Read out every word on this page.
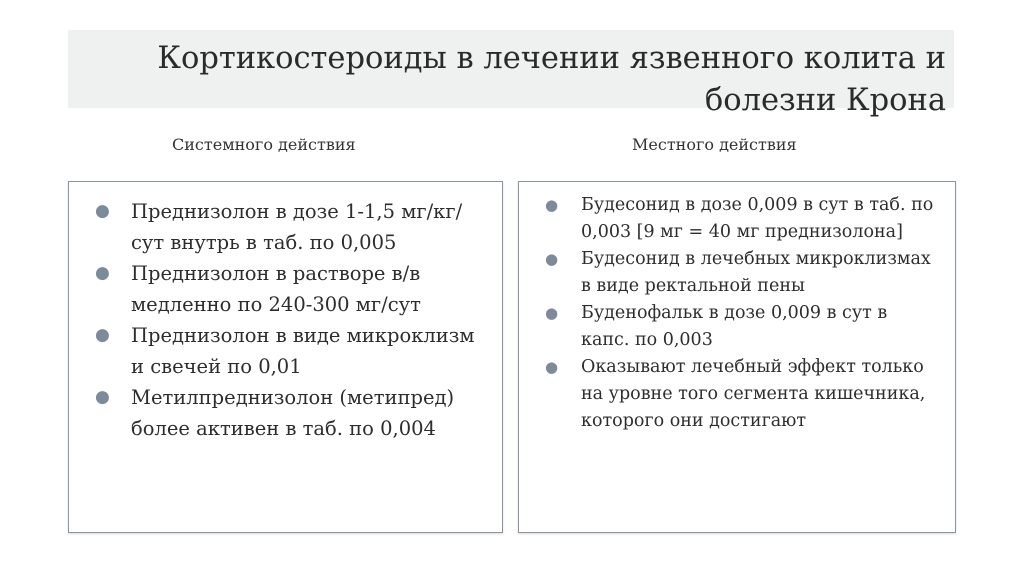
Кортикостероиды в лечении язвенного колита и
болезни Крона
Системного действия	Местного действия
● Преднизолон в дозе 1-1,5 мг/кг/сут внутрь в таб. по 0,005
● Преднизолон в растворе в/в медленно по 240-300 мг/сут
● Преднизолон в виде микроклизм и свечей по 0,01
● Метилпреднизолон (метипред) более активен в таб. по 0,004
● Будесонид в дозе 0,009 в сут в таб. по 0,003 [9 мг = 40 мг преднизолона]
● Будесонид в лечебных микроклизмах в виде ректальной пены
● Буденофальк в дозе 0,009 в сут в капс. по 0,003
● Оказывают лечебный эффект только на уровне того сегмента кишечника, которого они достигают
